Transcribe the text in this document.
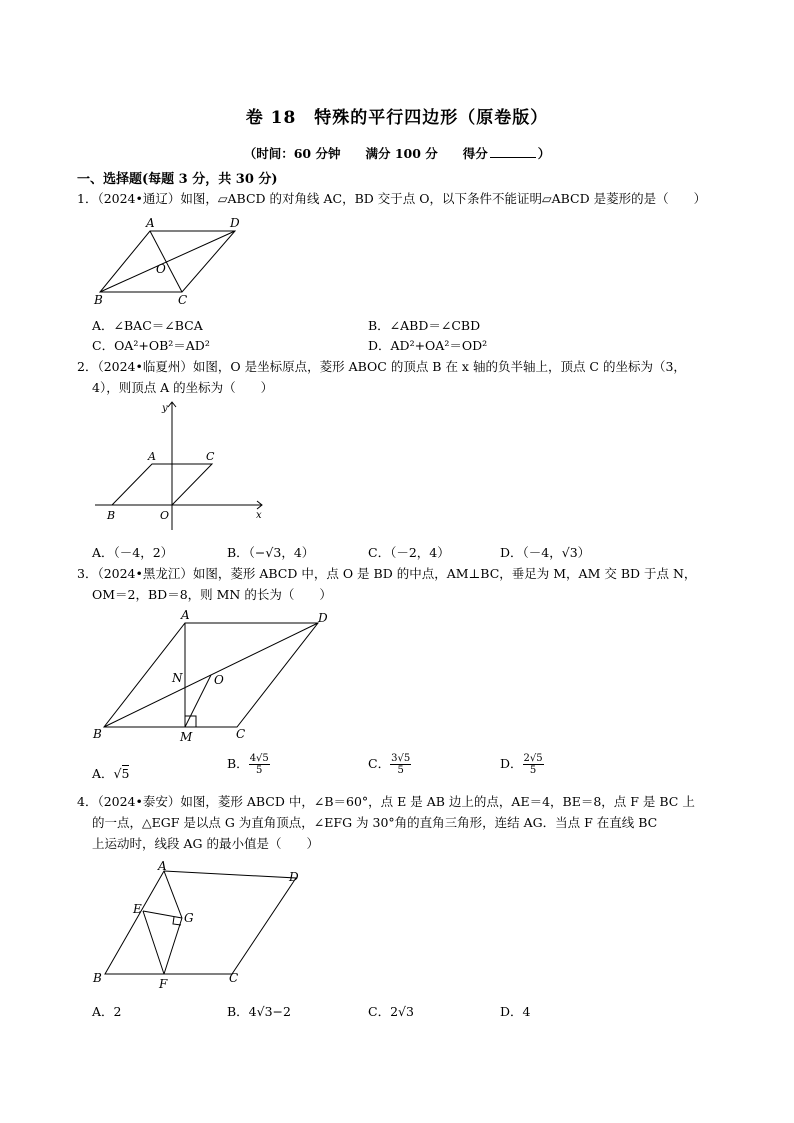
卷 18　特殊的平行四边形（原卷版）
（时间：60 分钟　　满分 100 分　　得分	）
一、选择题(每题 3 分，共 30 分)
1．（2024•通辽）如图，▱ABCD 的对角线 AC，BD 交于点 O，以下条件不能证明▱ABCD 是菱形的是（　　）
A	D
O
B	C
A．∠BAC＝∠BCA	B．∠ABD＝∠CBD
C．OA²+OB²＝AD²	D．AD²+OA²＝OD²
2．（2024•临夏州）如图，O 是坐标原点，菱形 ABOC 的顶点 B 在 x 轴的负半轴上，顶点 C 的坐标为（3，
4），则顶点 A 的坐标为（　　）
y
x
A	C
B	O
A．（－4，2）	B．（−√3，4）	C．（－2，4）	D．（－4，√3）
3．（2024•黑龙江）如图，菱形 ABCD 中，点 O 是 BD 的中点，AM⊥BC，垂足为 M，AM 交 BD 于点 N，
OM＝2，BD＝8，则 MN 的长为（　　）
A	D
N	O
B	M	C
A．√5
B． $\frac{4√5}{5}$	C． $\frac{3√5}{5}$	D． $\frac{2√5}{5}$
4．（2024•泰安）如图，菱形 ABCD 中，∠B＝60°，点 E 是 AB 边上的点，AE＝4，BE＝8，点 F 是 BC 上
的一点，△EGF 是以点 G 为直角顶点，∠EFG 为 30°角的直角三角形，连结 AG．当点 F 在直线 BC
上运动时，线段 AG 的最小值是（　　）
A
D
E
G
B	F	C
A．2	B．4√3−2	C．2√3	D．4
